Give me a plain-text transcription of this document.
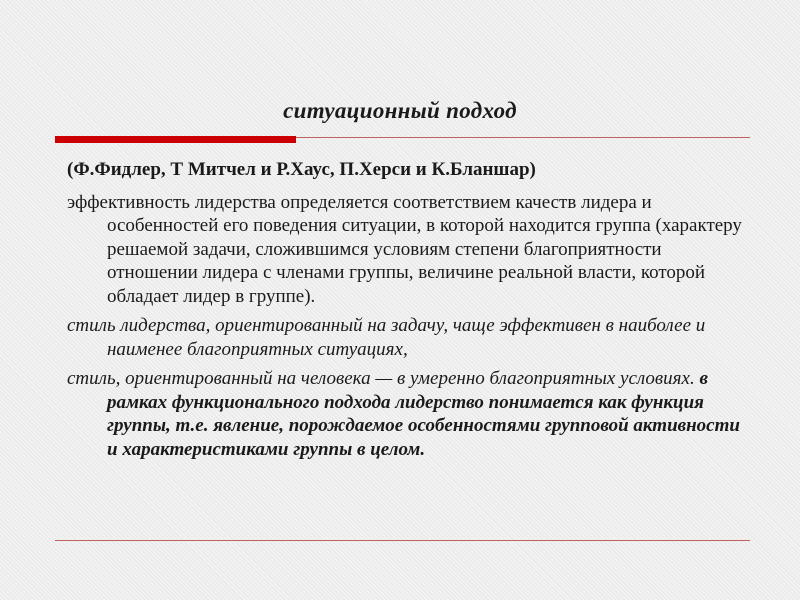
ситуационный подход

(Ф.Фидлер, Т Митчел и Р.Хаус, П.Херси и К.Бланшар)

эффективность лидерства определяется соответствием качеств лидера и особенностей его поведения ситуации, в которой находится группа (характеру решаемой задачи, сложившимся условиям степени благоприятности отношении лидера с членами группы, величине реальной власти, которой обладает лидер в группе).

стиль лидерства, ориентированный на задачу, чаще эффективен в наиболее и наименее благоприятных ситуациях,

стиль, ориентированный на человека — в умеренно благоприятных условиях. в рамках функционального подхода лидерство понимается как функция группы, т.е. явление, порождаемое особенностями групповой активности и характеристиками группы в целом.
